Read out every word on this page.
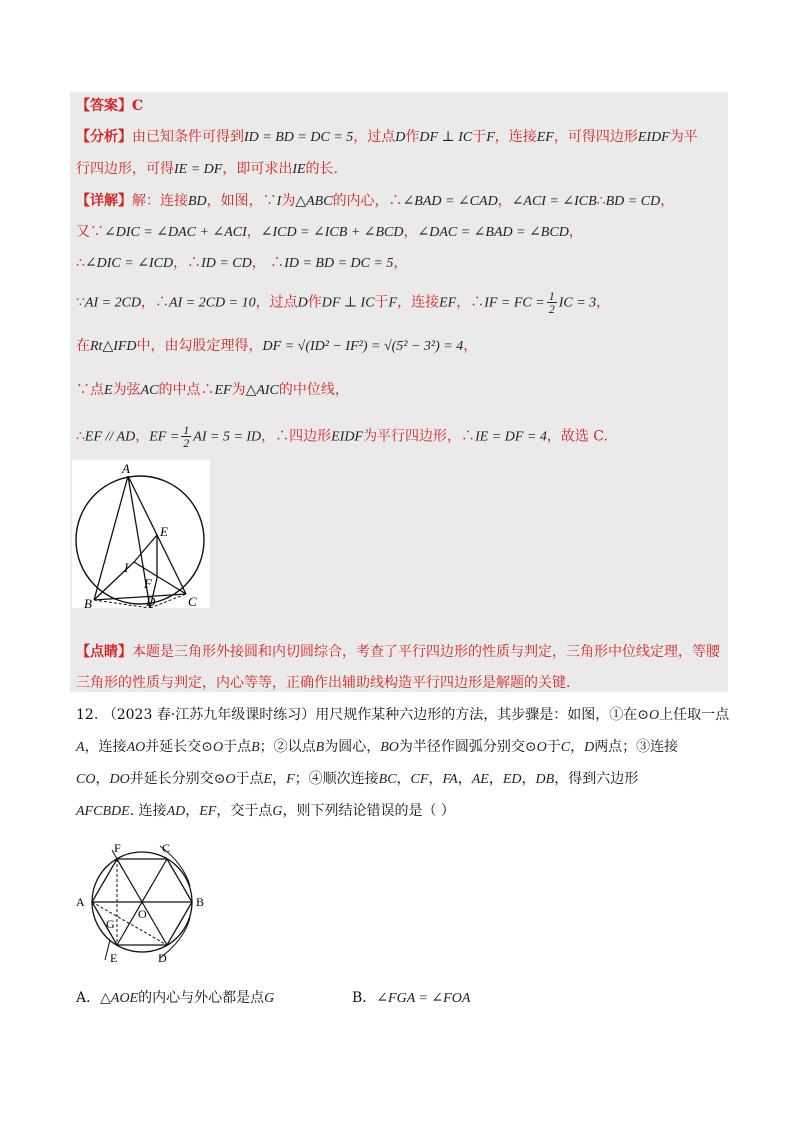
【答案】C
【分析】由已知条件可得到ID = BD = DC = 5，过点D作DF ⊥ IC于F，连接EF，可得四边形EIDF为平
行四边形，可得IE = DF，即可求出IE的长.
【详解】解：连接BD，如图，∵I为△ABC的内心，∴∠BAD = ∠CAD，∠ACI = ∠ICB∴BD = CD，
又∵∠DIC = ∠DAC + ∠ACI，∠ICD = ∠ICB + ∠BCD，∠DAC = ∠BAD = ∠BCD，
∴∠DIC = ∠ICD，∴ID = CD， ∴ID = BD = DC = 5，
∵AI = 2CD，∴AI = 2CD = 10，过点D作DF ⊥ IC于F，连接EF，∴IF = FC = $\frac{1}{2}$ IC = 3，
在Rt△IFD中，由勾股定理得，DF = √(ID² − IF²) = √(5² − 3²) = 4，
∵点E为弦AC的中点∴EF为△AIC的中位线，
∴EF // AD，EF = $\frac{1}{2}$ AI = 5 = ID，∴四边形EIDF为平行四边形，∴IE = DF = 4，故选 C.
A
E
I
F
B	C
D
【点睛】本题是三角形外接圆和内切圆综合，考查了平行四边形的性质与判定，三角形中位线定理，等腰
三角形的性质与判定，内心等等，正确作出辅助线构造平行四边形是解题的关键.
12. （2023 春·江苏九年级课时练习）用尺规作某种六边形的方法，其步骤是：如图，①在⊙O上任取一点
A，连接AO并延长交⊙O于点B；②以点B为圆心，BO为半径作圆弧分别交⊙O于C，D两点；③连接
CO，DO并延长分别交⊙O于点E，F；④顺次连接BC，CF，FA，AE，ED，DB，得到六边形
AFCBDE. 连接AD，EF，交于点G，则下列结论错误的是（ ）
F	C
A
O
B
G
E	D
A．△AOE的内心与外心都是点G	B．∠FGA = ∠FOA
